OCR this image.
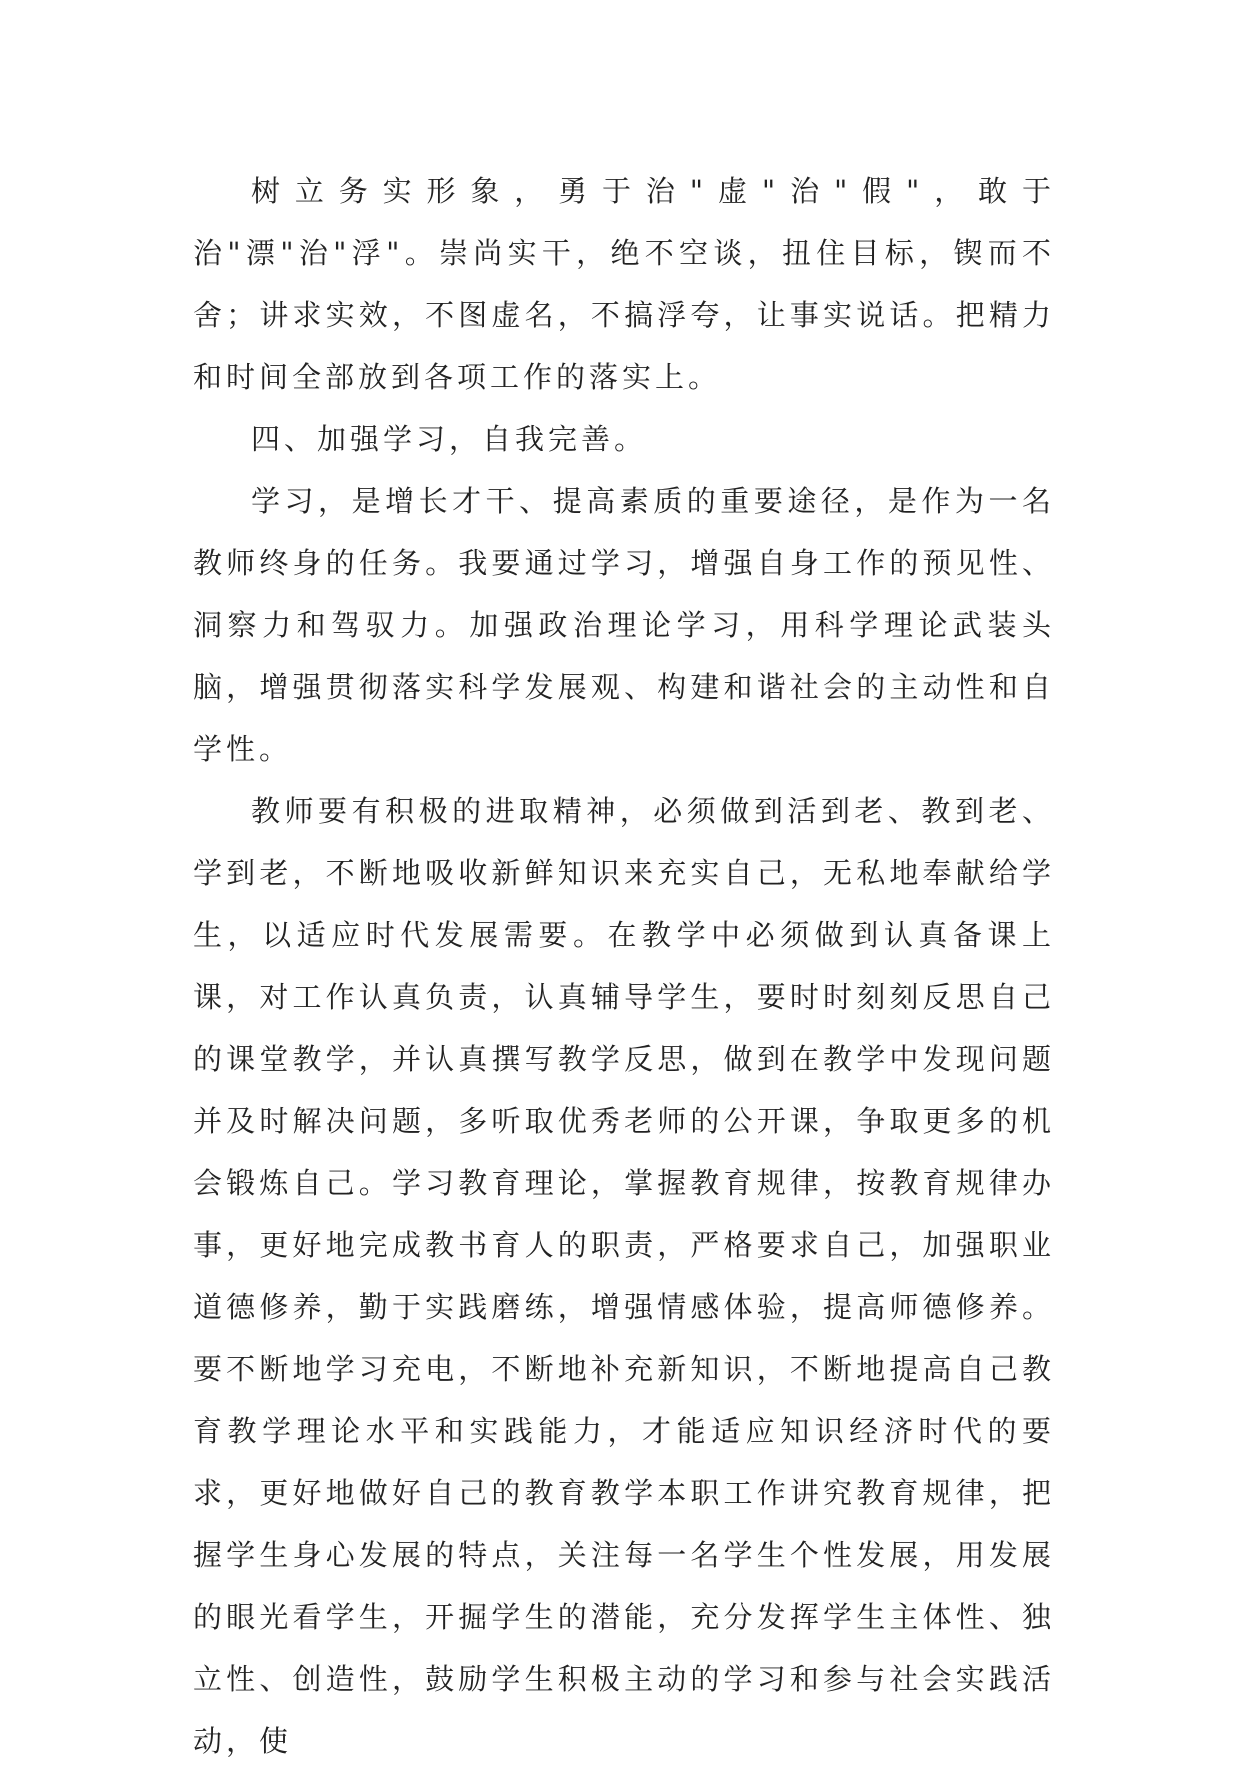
树立务实形象，勇于治"虚"治"假"，敢于治"漂"治"浮"。崇尚实干，绝不空谈，扭住目标，锲而不舍；讲求实效，不图虚名，不搞浮夸，让事实说话。把精力和时间全部放到各项工作的落实上。

四、加强学习，自我完善。

学习，是增长才干、提高素质的重要途径，是作为一名教师终身的任务。我要通过学习，增强自身工作的预见性、洞察力和驾驭力。加强政治理论学习，用科学理论武装头脑，增强贯彻落实科学发展观、构建和谐社会的主动性和自学性。

教师要有积极的进取精神，必须做到活到老、教到老、学到老，不断地吸收新鲜知识来充实自己，无私地奉献给学生，以适应时代发展需要。在教学中必须做到认真备课上课，对工作认真负责，认真辅导学生，要时时刻刻反思自己的课堂教学，并认真撰写教学反思，做到在教学中发现问题并及时解决问题，多听取优秀老师的公开课，争取更多的机会锻炼自己。学习教育理论，掌握教育规律，按教育规律办事，更好地完成教书育人的职责，严格要求自己，加强职业道德修养，勤于实践磨练，增强情感体验，提高师德修养。要不断地学习充电，不断地补充新知识，不断地提高自己教育教学理论水平和实践能力，才能适应知识经济时代的要求，更好地做好自己的教育教学本职工作讲究教育规律，把握学生身心发展的特点，关注每一名学生个性发展，用发展的眼光看学生，开掘学生的潜能，充分发挥学生主体性、独立性、创造性，鼓励学生积极主动的学习和参与社会实践活动，使
